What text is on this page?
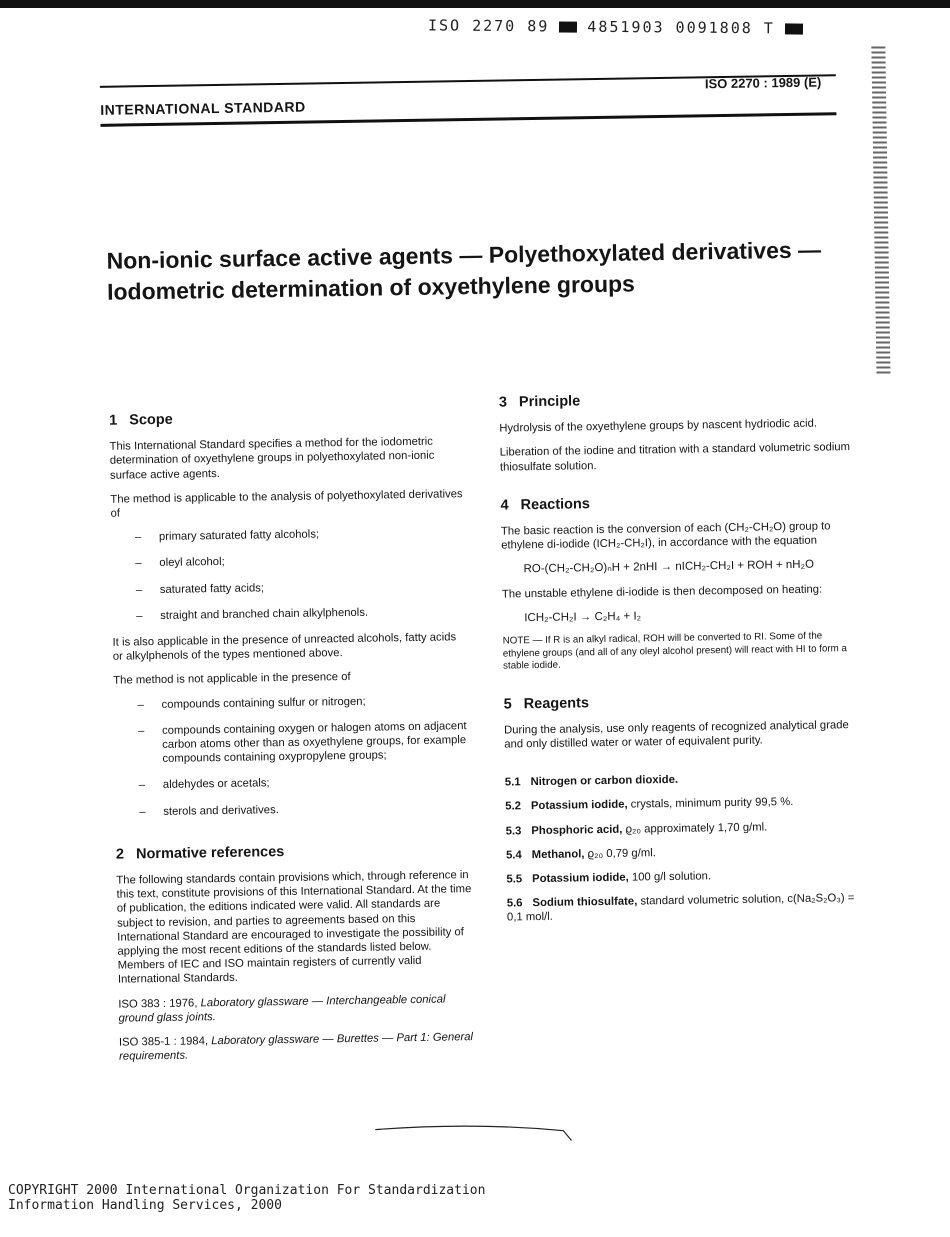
ISO 2270 89	4851903 0091808 T
INTERNATIONAL STANDARD
ISO 2270 : 1989 (E)
Non-ionic surface active agents — Polyethoxylated derivatives — Iodometric determination of oxyethylene groups
1 Scope

This International Standard specifies a method for the iodometric determination of oxyethylene groups in polyethoxylated non-ionic surface active agents.

The method is applicable to the analysis of polyethoxylated derivatives of

– primary saturated fatty alcohols;
– oleyl alcohol;
– saturated fatty acids;
– straight and branched chain alkylphenols.

It is also applicable in the presence of unreacted alcohols, fatty acids or alkylphenols of the types mentioned above.

The method is not applicable in the presence of

– compounds containing sulfur or nitrogen;
– compounds containing oxygen or halogen atoms on adjacent carbon atoms other than as oxyethylene groups, for example compounds containing oxypropylene groups;
– aldehydes or acetals;
– sterols and derivatives.
2 Normative references

The following standards contain provisions which, through reference in this text, constitute provisions of this International Standard. At the time of publication, the editions indicated were valid. All standards are subject to revision, and parties to agreements based on this International Standard are encouraged to investigate the possibility of applying the most recent editions of the standards listed below. Members of IEC and ISO maintain registers of currently valid International Standards.

ISO 383 : 1976, Laboratory glassware — Interchangeable conical ground glass joints.

ISO 385-1 : 1984, Laboratory glassware — Burettes — Part 1: General requirements.

3 Principle

Hydrolysis of the oxyethylene groups by nascent hydriodic acid.

Liberation of the iodine and titration with a standard volumetric sodium thiosulfate solution.

4 Reactions

The basic reaction is the conversion of each (CH₂-CH₂O) group to ethylene di-iodide (ICH₂-CH₂I), in accordance with the equation

RO-(CH₂-CH₂O)ₙH + 2nHI → nICH₂-CH₂I + ROH + nH₂O

The unstable ethylene di-iodide is then decomposed on heating:

ICH₂-CH₂I → C₂H₄ + I₂

NOTE — If R is an alkyl radical, ROH will be converted to RI. Some of the ethylene groups (and all of any oleyl alcohol present) will react with HI to form a stable iodide.

5 Reagents

During the analysis, use only reagents of recognized analytical grade and only distilled water or water of equivalent purity.

5.1 Nitrogen or carbon dioxide.

5.2 Potassium iodide, crystals, minimum purity 99,5 %.

5.3 Phosphoric acid, ϱ₂₀ approximately 1,70 g/ml.

5.4 Methanol, ϱ₂₀ 0,79 g/ml.

5.5 Potassium iodide, 100 g/l solution.

5.6 Sodium thiosulfate, standard volumetric solution, c(Na₂S₂O₃) = 0,1 mol/l.

COPYRIGHT 2000 International Organization For Standardization
Information Handling Services, 2000
